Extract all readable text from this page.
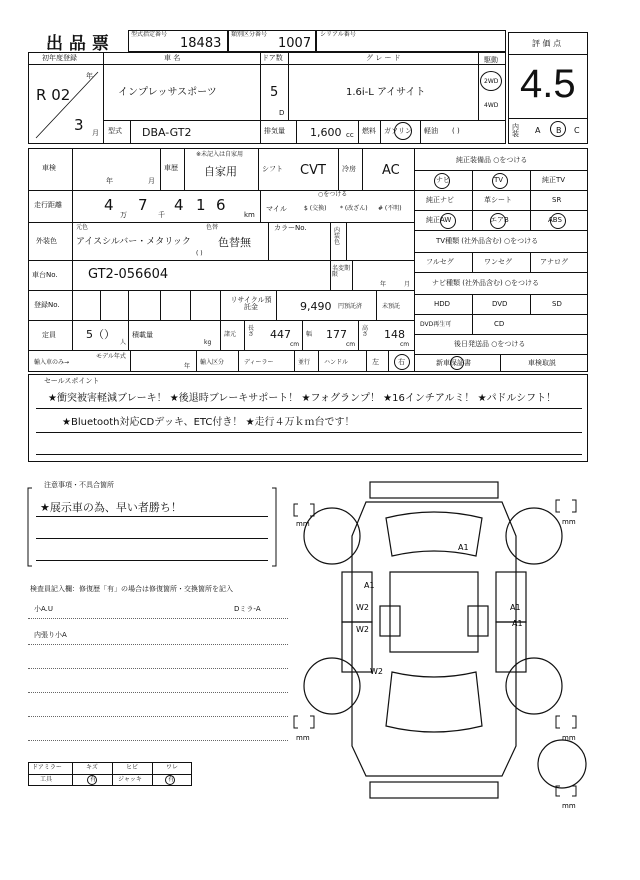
出 品 票	型式指定番号
18483
類別区分番号
1007
シリアル番号
評 価 点
4.5
内装 A B C
初年度登録
年
R 02
3 月
車 名
インプレッサスポーツ
ドア数
5
D
グ レ ー ド
1.6i-L アイサイト
駆動
2WD
4WD
型式 DBA-GT2	排気量 1,600 cc 燃料 ガソリン 軽油 ( )
車検
年	月
車歴
※未記入は自家用
自家用	シフト CVT 冷房 AC
走行距離	4
万
7
千
4 1 6
km
マイル
○をつける
$ (交換) * (改ざん) # (不明)
外装色
元色
アイスシルバー・メタリック
色替
色替無
( )
カラーNo.	内装色
車台No. GT2-056604	名変期限
年	月
登録No.
リサイクル預託金	9,490 円預託済	未預託
定員	5（）
人
積載量
kg
諸元
長さ 447
cm
幅 177
cm
高さ 148
cm
輸入車のみ→
モデル年式
年
輸入区分	ディーラー	並行 ハンドル	左	右
純正装備品 ○をつける
ナビ	TV	純正TV
純正ナビ	革シート	SR
純正AW	エアB	ABS
TV種類 (社外品含む) ○をつける
フルセグ	ワンセグ	アナログ
ナビ種類 (社外品含む) ○をつける
HDD	DVD	SD
DVD再生可	CD
後日発送品 ○をつける
新車保証書	車検取説
セールスポイント
★衝突被害軽減ブレーキ！ ★後退時ブレーキサポート！ ★フォグランプ！ ★16インチアルミ！ ★パドルシフト！
★Bluetooth対応CDデッキ、ETC付き！ ★走行４万ｋｍ台です！
注意事項・不具合箇所
★展示車の為、早い者勝ち！
検査員記入欄：修復歴「有」の場合は修復箇所・交換箇所を記入
小A.U	Dミラ-A
内張り小A
ドアミラー	キズ	ヒビ	ワレ
工具	有	ジャッキ	有
mm	mm
mm	mm
mm
A1
A1
W2
W2
W2
A1
A1
